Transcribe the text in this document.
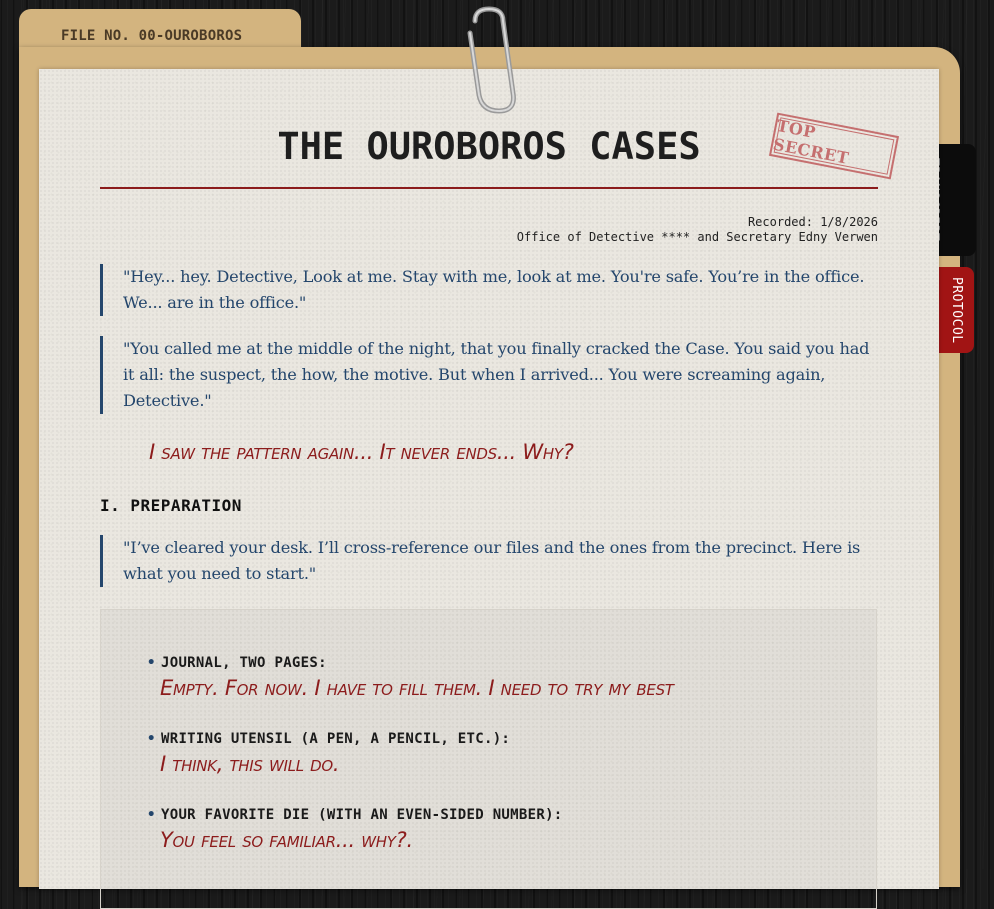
FILE NO. 00-OUROBOROS
PROTOCOL
THE OUROBOROS CASES
Recorded: 1/8/2026
Office of Detective **** and Secretary Edny Verwen
"Hey... hey. Detective, Look at me. Stay with me, look at me. You're safe. You’re in the office. We... are in the office."
"You called me at the middle of the night, that you finally cracked the Case. You said you had it all: the suspect, the how, the motive. But when I arrived... You were screaming again, Detective."
I saw the pattern again... It never ends... Why?
I. PREPARATION
"I’ve cleared your desk. I’ll cross-reference our files and the ones from the precinct. Here is what you need to start."
• JOURNAL, TWO PAGES:
Empty. For now. I have to fill them. I need to try my best
• WRITING UTENSIL (A PEN, A PENCIL, ETC.):
I think, this will do.
• YOUR FAVORITE DIE (WITH AN EVEN-SIDED NUMBER):
You feel so familiar... why?.
TOP SECRET
